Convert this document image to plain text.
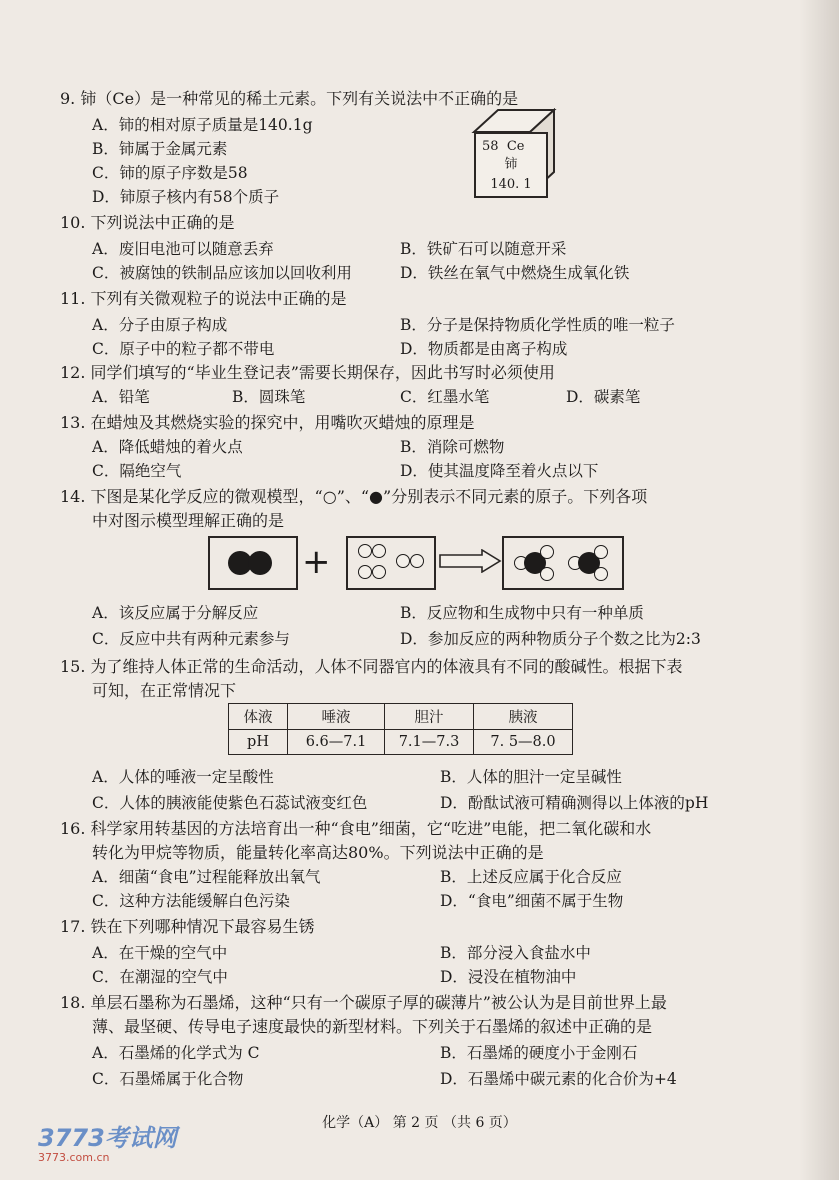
9. 铈（Ce）是一种常见的稀土元素。下列有关说法中不正确的是
A．铈的相对原子质量是140.1g
B．铈属于金属元素
C．铈的原子序数是58
D．铈原子核内有58个质子
58 Ce
铈
140. 1
10. 下列说法中正确的是
A．废旧电池可以随意丢弃	B．铁矿石可以随意开采
C．被腐蚀的铁制品应该加以回收利用	D．铁丝在氧气中燃烧生成氧化铁
11. 下列有关微观粒子的说法中正确的是
A．分子由原子构成	B．分子是保持物质化学性质的唯一粒子
C．原子中的粒子都不带电	D．物质都是由离子构成
12. 同学们填写的“毕业生登记表”需要长期保存，因此书写时必须使用
A．铅笔	B．圆珠笔	C．红墨水笔	D．碳素笔
13. 在蜡烛及其燃烧实验的探究中，用嘴吹灭蜡烛的原理是
A．降低蜡烛的着火点	B．消除可燃物
C．隔绝空气	D．使其温度降至着火点以下
14. 下图是某化学反应的微观模型，“○”、“●”分别表示不同元素的原子。下列各项
中对图示模型理解正确的是
+
A．该反应属于分解反应	B．反应物和生成物中只有一种单质
C．反应中共有两种元素参与	D．参加反应的两种物质分子个数之比为2:3
15. 为了维持人体正常的生命活动，人体不同器官内的体液具有不同的酸碱性。根据下表
可知，在正常情况下
体液	唾液	胆汁	胰液
pH	6.6—7.1	7.1—7.3	7. 5—8.0
A．人体的唾液一定呈酸性	B．人体的胆汁一定呈碱性
C．人体的胰液能使紫色石蕊试液变红色	D．酚酞试液可精确测得以上体液的pH
16. 科学家用转基因的方法培育出一种“食电”细菌，它“吃进”电能，把二氧化碳和水
转化为甲烷等物质，能量转化率高达80%。下列说法中正确的是
A．细菌“食电”过程能释放出氧气	B．上述反应属于化合反应
C．这种方法能缓解白色污染	D．“食电”细菌不属于生物
17. 铁在下列哪种情况下最容易生锈
A．在干燥的空气中	B．部分浸入食盐水中
C．在潮湿的空气中	D．浸没在植物油中
18. 单层石墨称为石墨烯，这种“只有一个碳原子厚的碳薄片”被公认为是目前世界上最
薄、最坚硬、传导电子速度最快的新型材料。下列关于石墨烯的叙述中正确的是
A．石墨烯的化学式为 C	B．石墨烯的硬度小于金刚石
C．石墨烯属于化合物	D．石墨烯中碳元素的化合价为+4
化学（A） 第 2 页 （共 6 页）
3773考试网
3773.com.cn
